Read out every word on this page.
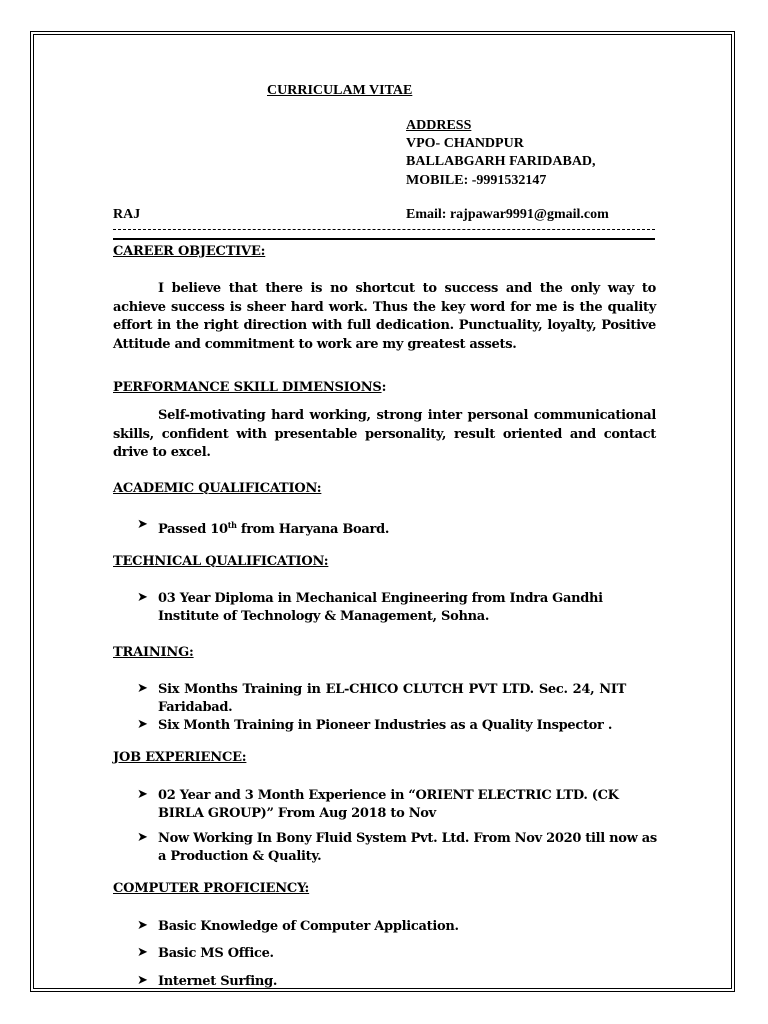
CURRICULAM VITAE
ADDRESS
VPO- CHANDPUR
BALLABGARH FARIDABAD,
MOBILE: -9991532147
RAJ	Email: rajpawar9991@gmail.com
CAREER OBJECTIVE:
I believe that there is no shortcut to success and the only way to achieve success is sheer hard work. Thus the key word for me is the quality effort in the right direction with full dedication. Punctuality, loyalty, Positive Attitude and commitment to work are my greatest assets.
PERFORMANCE SKILL DIMENSIONS:
Self-motivating hard working, strong inter personal communicational skills, confident with presentable personality, result oriented and contact drive to excel.
ACADEMIC QUALIFICATION:
➤ Passed 10th from Haryana Board.
TECHNICAL QUALIFICATION:
➤ 03 Year Diploma in Mechanical Engineering from Indra Gandhi Institute of Technology & Management, Sohna.
TRAINING:
➤ Six Months Training in EL-CHICO CLUTCH PVT LTD. Sec. 24, NIT Faridabad.
➤ Six Month Training in Pioneer Industries as a Quality Inspector .
JOB EXPERIENCE:
➤ 02 Year and 3 Month Experience in “ORIENT ELECTRIC LTD. (CK BIRLA GROUP)” From Aug 2018 to Nov
➤ Now Working In Bony Fluid System Pvt. Ltd. From Nov 2020 till now as a Production & Quality.
COMPUTER PROFICIENCY:
➤ Basic Knowledge of Computer Application.
➤ Basic MS Office.
➤ Internet Surfing.
